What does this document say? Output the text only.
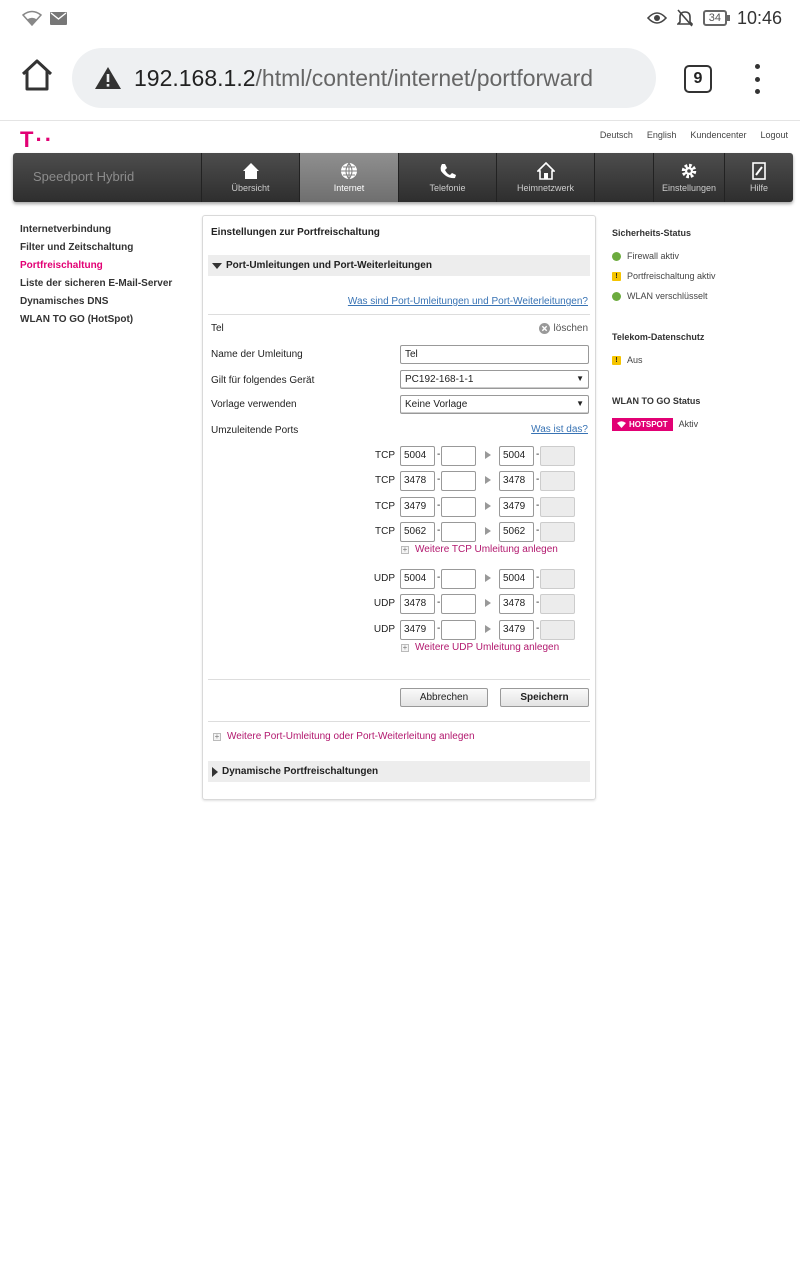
34 10:46
192.168.1.2 /html/content/internet/portforward	9
T··	Deutsch English Kundencenter Logout
Speedport Hybrid
Übersicht	Internet	Telefonie	Heimnetzwerk	Einstellungen	Hilfe
Internetverbindung
Filter und Zeitschaltung
Portfreischaltung
Liste der sicheren E-Mail-Server
Dynamisches DNS
WLAN TO GO (HotSpot)
Einstellungen zur Portfreischaltung
Port-Umleitungen und Port-Weiterleitungen
Was sind Port-Umleitungen und Port-Weiterleitungen?
Tel	löschen
Name der Umleitung	Tel
Gilt für folgendes Gerät	PC192-168-1-1 ▼
Vorlage verwenden	Keine Vorlage ▼
Umzuleitende Ports	Was ist das?
TCP 5004	-	5004	-
TCP 3478	-	3478	-
TCP 3479	-	3479	-
TCP 5062	-	5062	-
+ Weitere TCP Umleitung anlegen
UDP 5004	-	5004	-
UDP 3478	-	3478	-
UDP 3479	-	3479	-
+ Weitere UDP Umleitung anlegen
Abbrechen	Speichern
+ Weitere Port-Umleitung oder Port-Weiterleitung anlegen
Dynamische Portfreischaltungen
Sicherheits-Status
Firewall aktiv
!	Portfreischaltung aktiv
WLAN verschlüsselt
Telekom-Datenschutz
!	Aus
WLAN TO GO Status
HOTSPOT Aktiv
